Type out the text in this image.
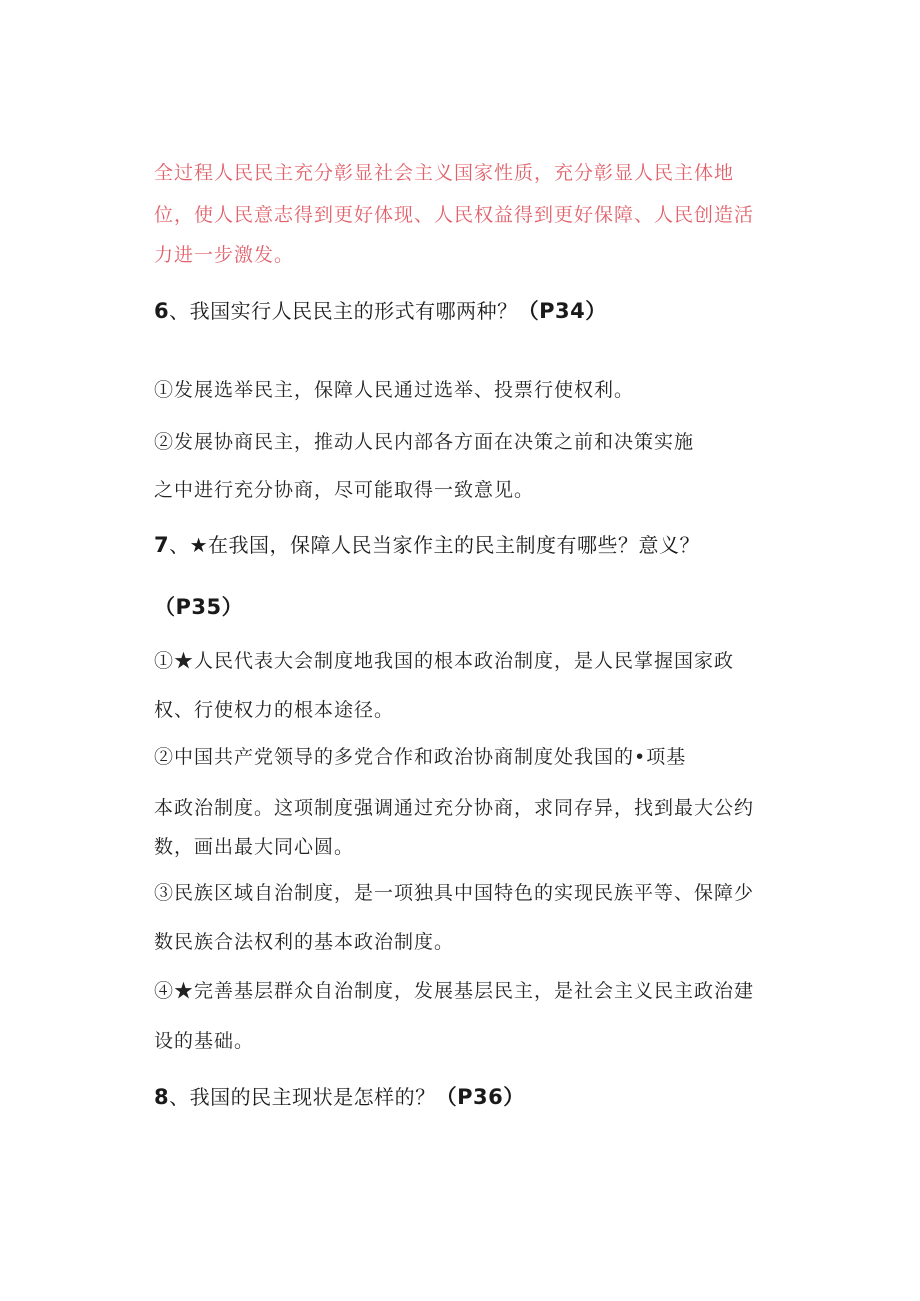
全过程人民民主充分彰显社会主义国家性质，充分彰显人民主体地
位，使人民意志得到更好体现、人民权益得到更好保障、人民创造活
力进一步激发。
6、我国实行人民民主的形式有哪两种？（P34）
①发展选举民主，保障人民通过选举、投票行使权利。
②发展协商民主，推动人民内部各方面在决策之前和决策实施
之中进行充分协商，尽可能取得一致意见。
7、★在我国，保障人民当家作主的民主制度有哪些？意义？
（P35）
①★人民代表大会制度地我国的根本政治制度，是人民掌握国家政
权、行使权力的根本途径。
②中国共产党领导的多党合作和政治协商制度处我国的•项基
本政治制度。这项制度强调通过充分协商，求同存异，找到最大公约
数，画出最大同心圆。
③民族区域自治制度，是一项独具中国特色的实现民族平等、保障少
数民族合法权利的基本政治制度。
④★完善基层群众自治制度，发展基层民主，是社会主义民主政治建
设的基础。
8、我国的民主现状是怎样的？（P36）
